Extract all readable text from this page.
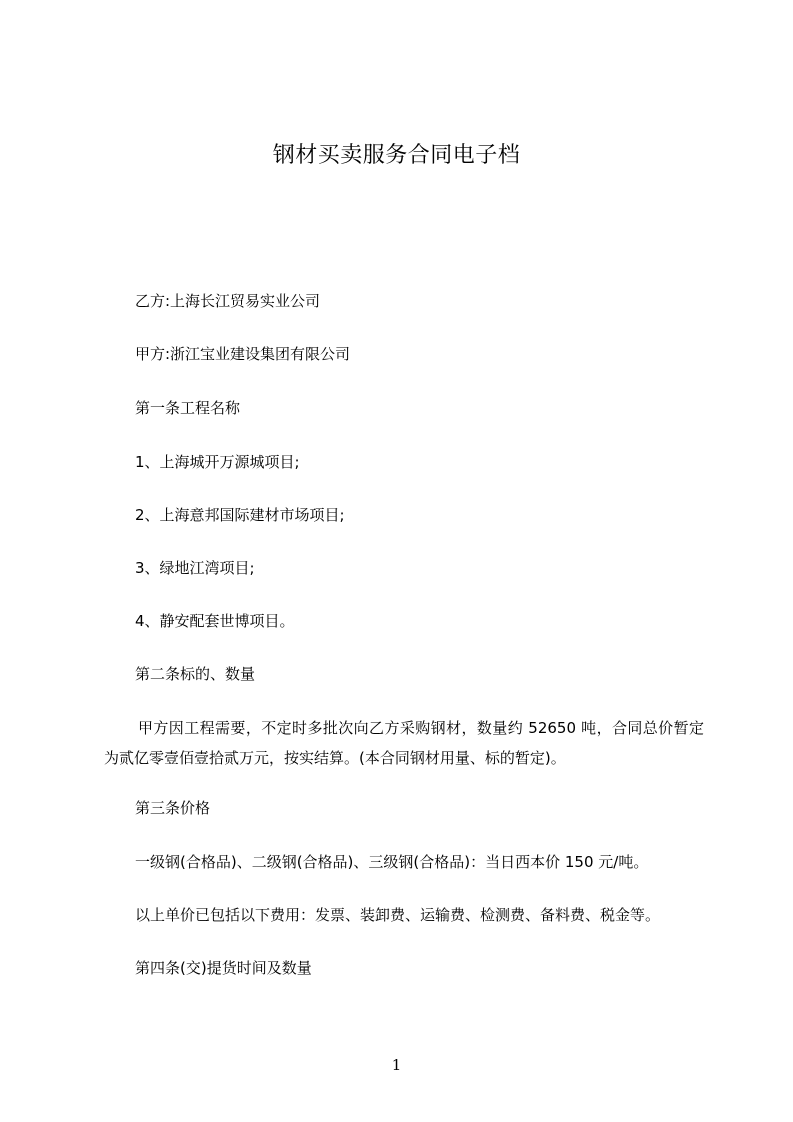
钢材买卖服务合同电子档
乙方:上海长江贸易实业公司
甲方:浙江宝业建设集团有限公司
第一条工程名称
1、上海城开万源城项目;
2、上海意邦国际建材市场项目;
3、绿地江湾项目;
4、静安配套世博项目。
第二条标的、数量
甲方因工程需要，不定时多批次向乙方采购钢材，数量约 52650 吨，合同总价暂定为贰亿零壹佰壹拾贰万元，按实结算。(本合同钢材用量、标的暂定)。
第三条价格
一级钢(合格品)、二级钢(合格品)、三级钢(合格品)：当日西本价 150 元/吨。
以上单价已包括以下费用：发票、装卸费、运输费、检测费、备料费、税金等。
第四条(交)提货时间及数量
1
